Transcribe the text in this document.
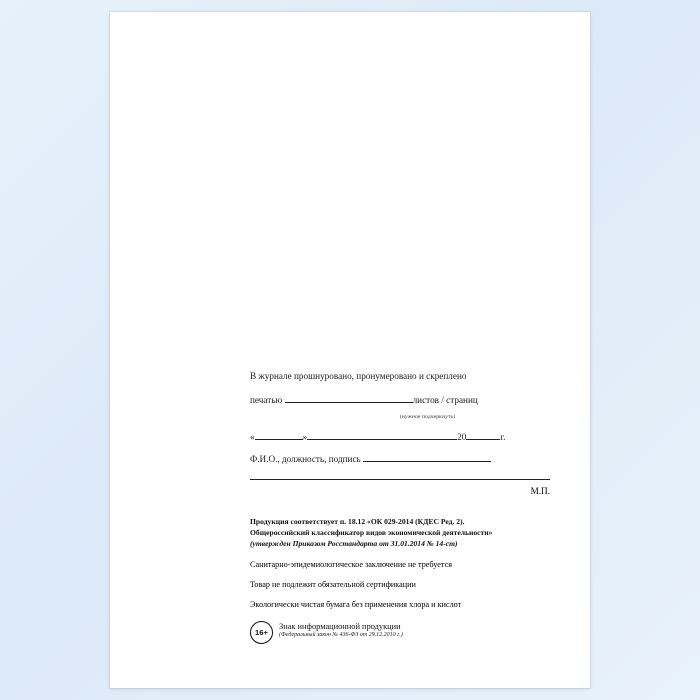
В журнале прошнуровано, пронумеровано и скреплено
печатью	листов / страниц
(нужное подчеркнуть)
«	»	20	г.
Ф.И.О., должность, подпись
М.П.
Продукция соответствует п. 18.12 «ОК 029-2014 (КДЕС Ред. 2).
Общероссийский классификатор видов экономической деятельности»
(утвержден Приказом Росстандарта от 31.01.2014 № 14-ст)
Санитарно-эпидемиологическое заключение не требуется
Товар не подлежит обязательной сертификации
Экологически чистая бумага без применения хлора и кислот
16+
Знак информационной продукции
(Федеральный закон № 436-ФЗ от 29.12.2010 г.)
